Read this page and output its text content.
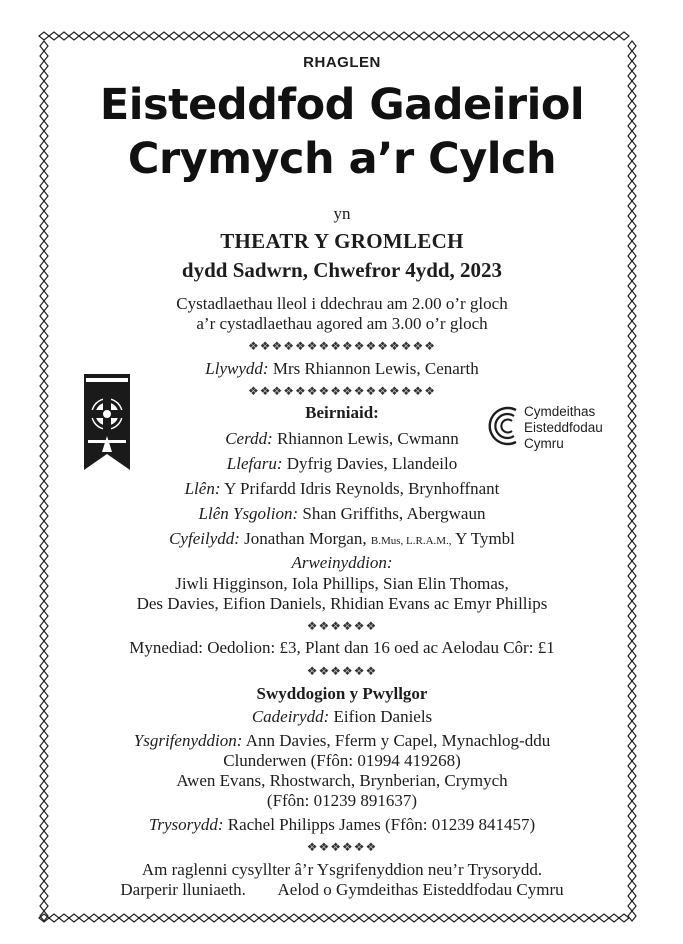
Cymdeithas
Eisteddfodau
Cymru
RHAGLEN
Eisteddfod Gadeiriol
Crymych a’r Cylch
yn
THEATR Y GROMLECH
dydd Sadwrn, Chwefror 4ydd, 2023
Cystadlaethau lleol i ddechrau am 2.00 o’r gloch
a’r cystadlaethau agored am 3.00 o’r gloch
❖❖❖❖❖❖❖❖❖❖❖❖❖❖❖❖
Llywydd: Mrs Rhiannon Lewis, Cenarth
❖❖❖❖❖❖❖❖❖❖❖❖❖❖❖❖
Beirniaid:
Cerdd: Rhiannon Lewis, Cwmann
Llefaru: Dyfrig Davies, Llandeilo
Llên: Y Prifardd Idris Reynolds, Brynhoffnant
Llên Ysgolion: Shan Griffiths, Abergwaun
Cyfeilydd: Jonathan Morgan, B.Mus, L.R.A.M., Y Tymbl
Arweinyddion:
Jiwli Higginson, Iola Phillips, Sian Elin Thomas,
Des Davies, Eifion Daniels, Rhidian Evans ac Emyr Phillips
❖❖❖❖❖❖
Mynediad: Oedolion: £3, Plant dan 16 oed ac Aelodau Côr: £1
❖❖❖❖❖❖
Swyddogion y Pwyllgor
Cadeirydd: Eifion Daniels
Ysgrifenyddion: Ann Davies, Fferm y Capel, Mynachlog-ddu
Clunderwen (Ffôn: 01994 419268)
Awen Evans, Rhostwarch, Brynberian, Crymych
(Ffôn: 01239 891637)
Trysorydd: Rachel Philipps James (Ffôn: 01239 841457)
❖❖❖❖❖❖
Am raglenni cysyllter â’r Ysgrifenyddion neu’r Trysorydd.
Darperir lluniaeth. Aelod o Gymdeithas Eisteddfodau Cymru
